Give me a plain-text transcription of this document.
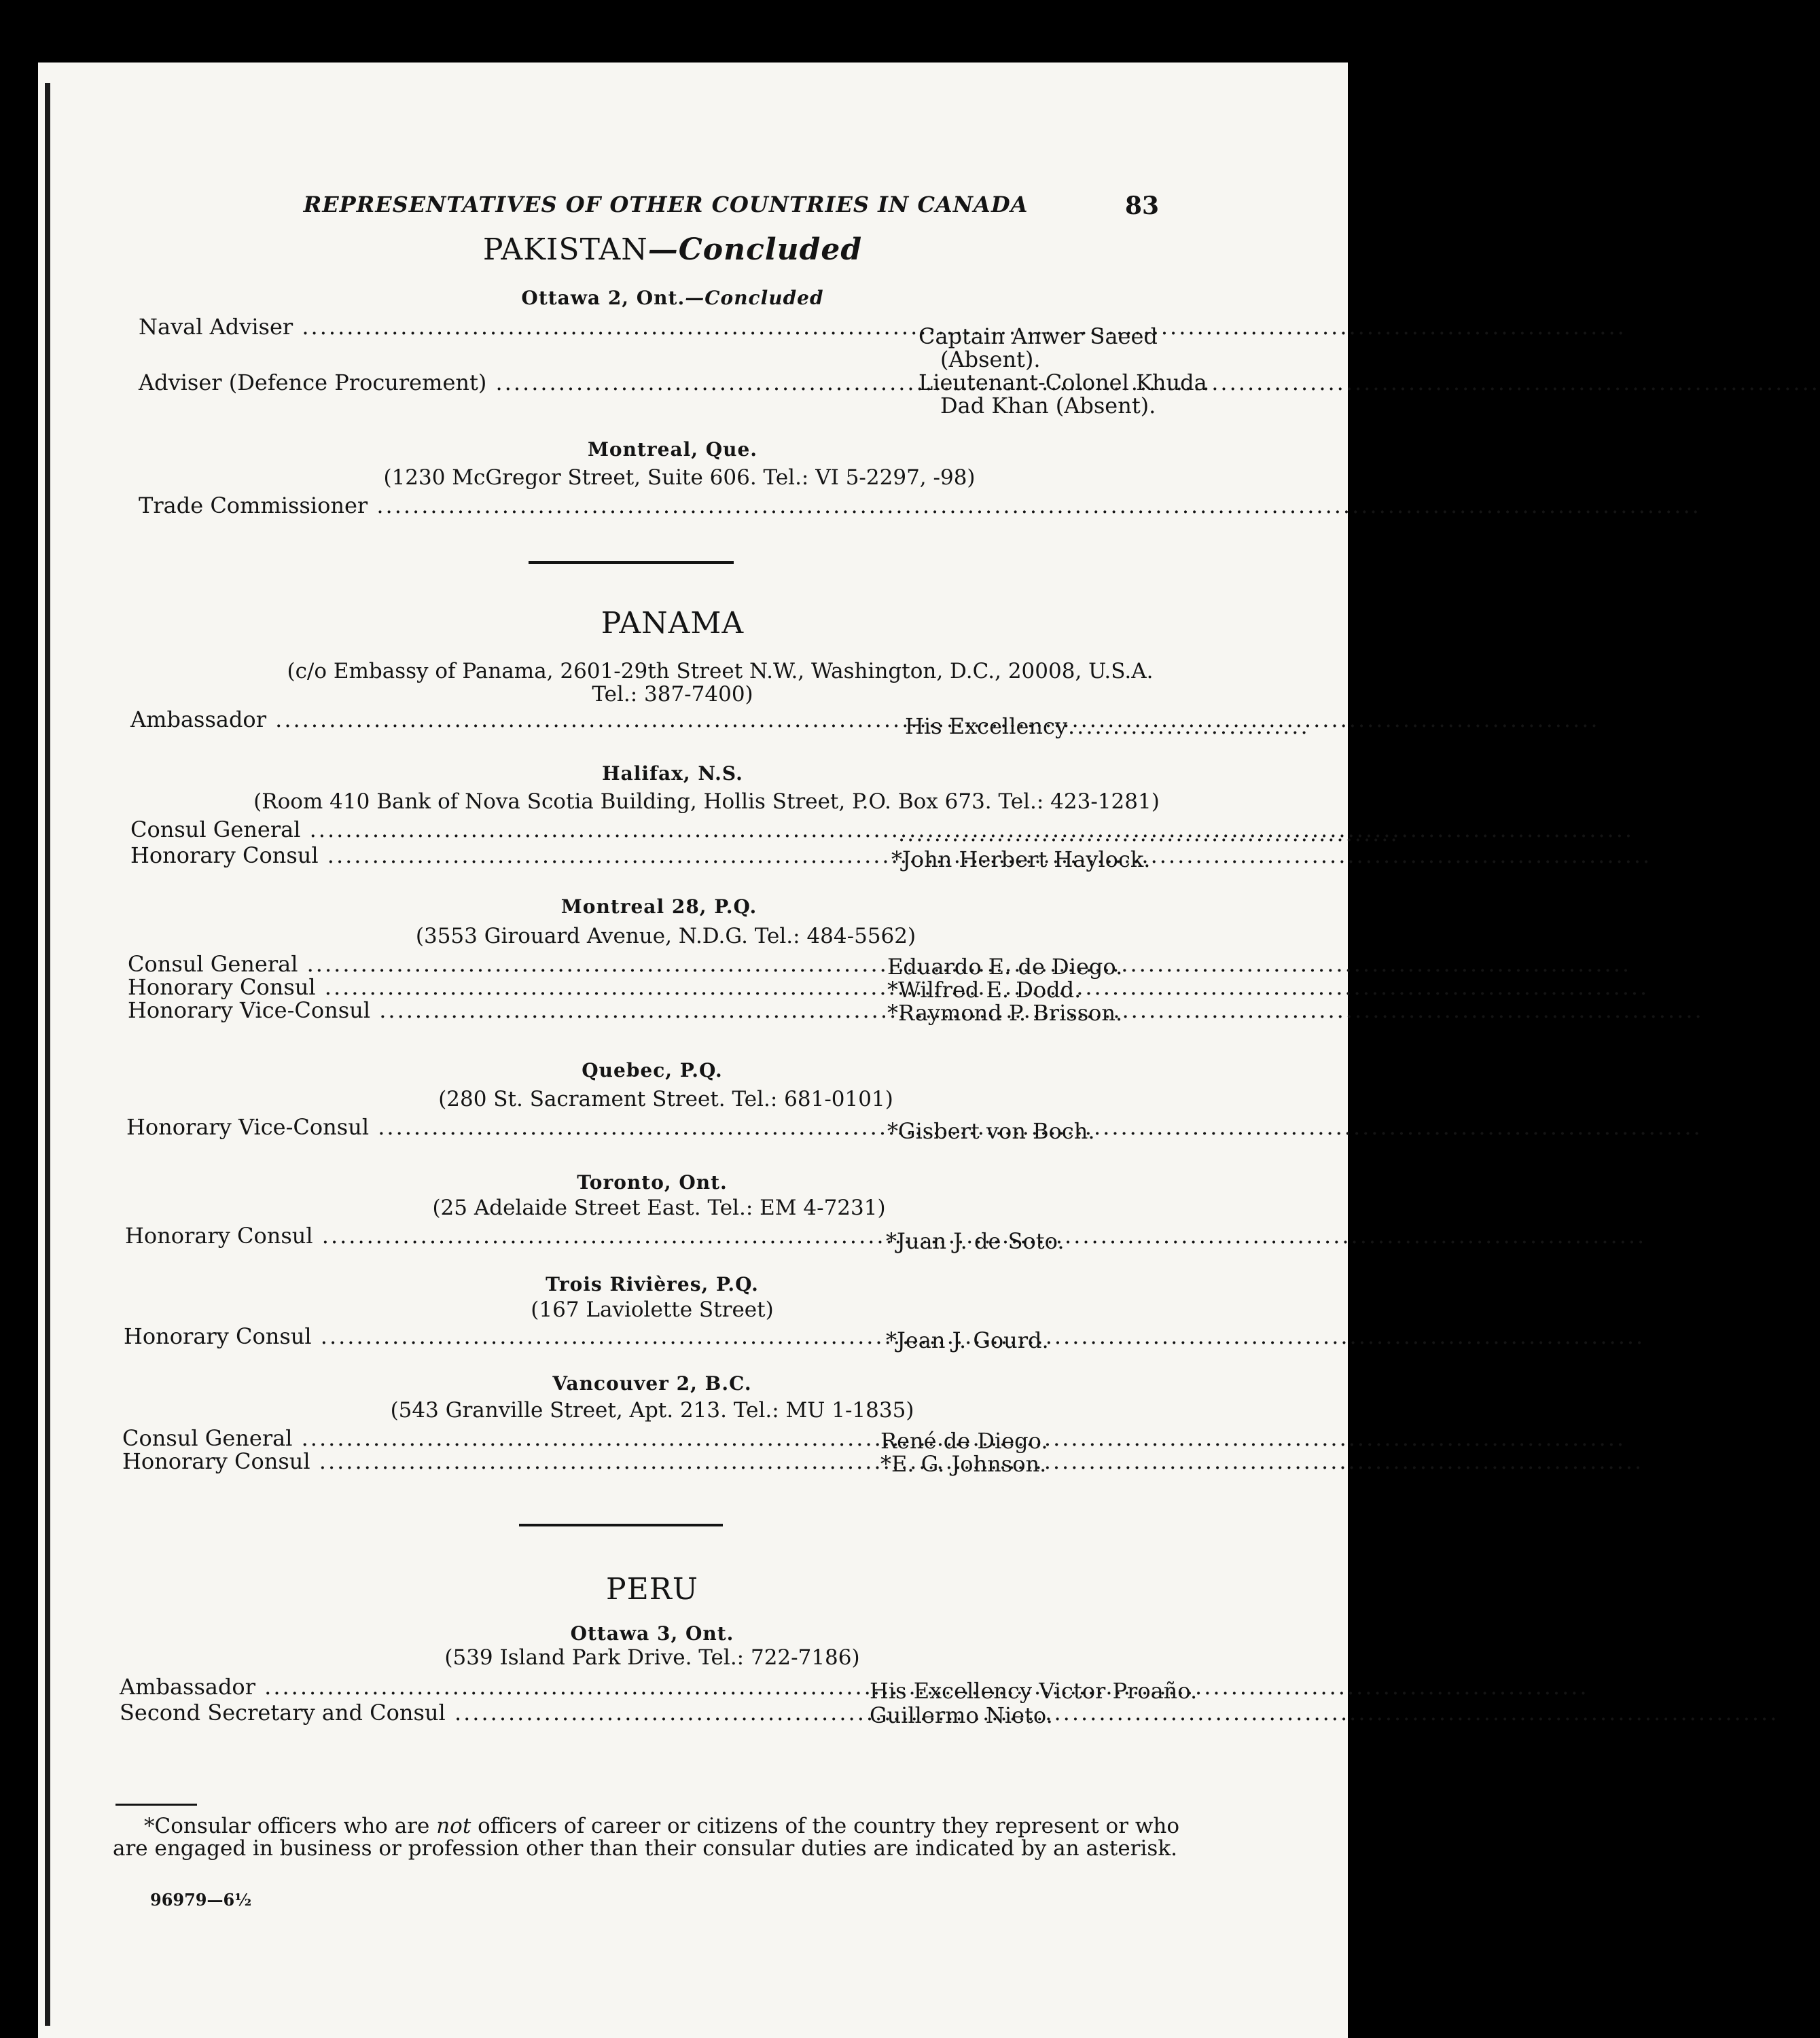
REPRESENTATIVES OF OTHER COUNTRIES IN CANADA	83
PAKISTAN—Concluded
Ottawa 2, Ont.—Concluded
Naval Adviser .....	Captain Anwer Saeed
(Absent).
Adviser (Defence Procurement) .....	Lieutenant-Colonel Khuda
Dad Khan (Absent).
Montreal, Que.
(1230 McGregor Street, Suite 606. Tel.: VI 5-2297, -98)
Trade Commissioner .....
PANAMA
(c/o Embassy of Panama, 2601-29th Street N.W., Washington, D.C., 20008, U.S.A.
Tel.: 387-7400)
Ambassador .....	His Excellency ...........................
Halifax, N.S.
(Room 410 Bank of Nova Scotia Building, Hollis Street, P.O. Box 673. Tel.: 423-1281)
Consul General .....	........................................................
Honorary Consul .....	*John Herbert Haylock.
Montreal 28, P.Q.
(3553 Girouard Avenue, N.D.G. Tel.: 484-5562)
Consul General .....	Eduardo E. de Diego.
Honorary Consul .....	*Wilfred E. Dodd.
Honorary Vice-Consul .....	*Raymond P. Brisson.
Quebec, P.Q.
(280 St. Sacrament Street. Tel.: 681-0101)
Honorary Vice-Consul .....	*Gisbert von Boch.
Toronto, Ont.
(25 Adelaide Street East. Tel.: EM 4-7231)
Honorary Consul .....	*Juan J. de Soto.
Trois Rivières, P.Q.
(167 Laviolette Street)
Honorary Consul .....	*Jean J. Gourd.
Vancouver 2, B.C.
(543 Granville Street, Apt. 213. Tel.: MU 1-1835)
Consul General .....	René de Diego.
Honorary Consul .....	*E. G. Johnson.
PERU
Ottawa 3, Ont.
(539 Island Park Drive. Tel.: 722-7186)
Ambassador .....	His Excellency Victor Proaño.
Second Secretary and Consul .....	Guillermo Nieto.
*Consular officers who are not officers of career or citizens of the country they represent or who are engaged in business or profession other than their consular duties are indicated by an asterisk.
96979—6½
